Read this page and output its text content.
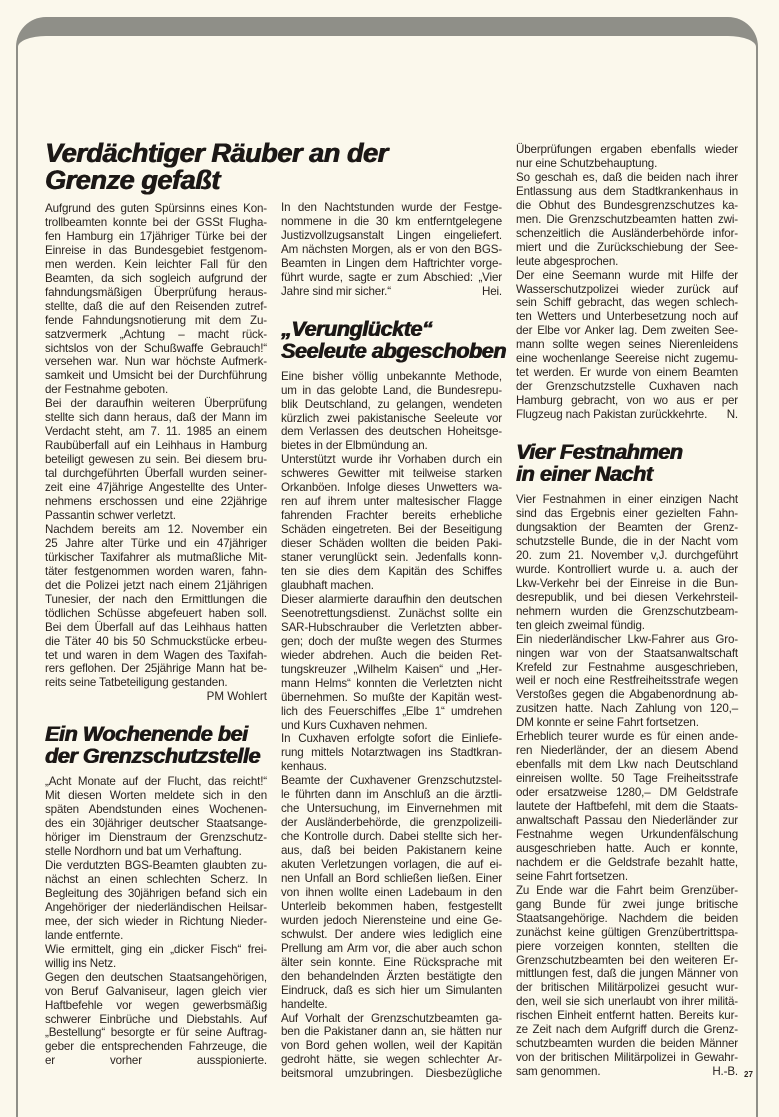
Verdächtiger Räuber an der
Grenze gefaßt
Aufgrund des guten Spürsinns eines Kon-
trollbeamten konnte bei der GSSt Flugha-
fen Hamburg ein 17jähriger Türke bei der
Einreise in das Bundesgebiet festgenom-
men werden. Kein leichter Fall für den
Beamten, da sich sogleich aufgrund der
fahndungsmäßigen Überprüfung heraus-
stellte, daß die auf den Reisenden zutref-
fende Fahndungsnotierung mit dem Zu-
satzvermerk „Achtung – macht rück-
sichtslos von der Schußwaffe Gebrauch!“
versehen war. Nun war höchste Aufmerk-
samkeit und Umsicht bei der Durchführung
der Festnahme geboten.
Bei der daraufhin weiteren Überprüfung
stellte sich dann heraus, daß der Mann im
Verdacht steht, am 7. 11. 1985 an einem
Raubüberfall auf ein Leihhaus in Hamburg
beteiligt gewesen zu sein. Bei diesem bru-
tal durchgeführten Überfall wurden seiner-
zeit eine 47jährige Angestellte des Unter-
nehmens erschossen und eine 22jährige
Passantin schwer verletzt.
Nachdem bereits am 12. November ein
25 Jahre alter Türke und ein 47jähriger
türkischer Taxifahrer als mutmaßliche Mit-
täter festgenommen worden waren, fahn-
det die Polizei jetzt nach einem 21jährigen
Tunesier, der nach den Ermittlungen die
tödlichen Schüsse abgefeuert haben soll.
Bei dem Überfall auf das Leihhaus hatten
die Täter 40 bis 50 Schmuckstücke erbeu-
tet und waren in dem Wagen des Taxifah-
rers geflohen. Der 25jährige Mann hat be-
reits seine Tatbeteiligung gestanden.
PM Wohlert
Ein Wochenende bei
der Grenzschutzstelle
„Acht Monate auf der Flucht, das reicht!“
Mit diesen Worten meldete sich in den
späten Abendstunden eines Wochenen-
des ein 30jähriger deutscher Staatsange-
höriger im Dienstraum der Grenzschutz-
stelle Nordhorn und bat um Verhaftung.
Die verdutzten BGS-Beamten glaubten zu-
nächst an einen schlechten Scherz. In
Begleitung des 30jährigen befand sich ein
Angehöriger der niederländischen Heilsar-
mee, der sich wieder in Richtung Nieder-
lande entfernte.
Wie ermittelt, ging ein „dicker Fisch“ frei-
willig ins Netz.
Gegen den deutschen Staatsangehörigen,
von Beruf Galvaniseur, lagen gleich vier
Haftbefehle vor wegen gewerbsmäßig
schwerer Einbrüche und Diebstahls. Auf
„Bestellung“ besorgte er für seine Auftrag-
geber die entsprechenden Fahrzeuge, die
er vorher ausspionierte.
In den Nachtstunden wurde der Festge-
nommene in die 30 km entferntgelegene
Justizvollzugsanstalt Lingen eingeliefert.
Am nächsten Morgen, als er von den BGS-
Beamten in Lingen dem Haftrichter vorge-
führt wurde, sagte er zum Abschied: „Vier
Hei.
Jahre sind mir sicher.“
„Verunglückte“
Seeleute abgeschoben
Eine bisher völlig unbekannte Methode,
um in das gelobte Land, die Bundesrepu-
blik Deutschland, zu gelangen, wendeten
kürzlich zwei pakistanische Seeleute vor
dem Verlassen des deutschen Hoheitsge-
bietes in der Elbmündung an.
Unterstützt wurde ihr Vorhaben durch ein
schweres Gewitter mit teilweise starken
Orkanböen. Infolge dieses Unwetters wa-
ren auf ihrem unter maltesischer Flagge
fahrenden Frachter bereits erhebliche
Schäden eingetreten. Bei der Beseitigung
dieser Schäden wollten die beiden Paki-
staner verunglückt sein. Jedenfalls konn-
ten sie dies dem Kapitän des Schiffes
glaubhaft machen.
Dieser alarmierte daraufhin den deutschen
Seenotrettungsdienst. Zunächst sollte ein
SAR-Hubschrauber die Verletzten abber-
gen; doch der mußte wegen des Sturmes
wieder abdrehen. Auch die beiden Ret-
tungskreuzer „Wilhelm Kaisen“ und „Her-
mann Helms“ konnten die Verletzten nicht
übernehmen. So mußte der Kapitän west-
lich des Feuerschiffes „Elbe 1“ umdrehen
und Kurs Cuxhaven nehmen.
In Cuxhaven erfolgte sofort die Einliefe-
rung mittels Notarztwagen ins Stadtkran-
kenhaus.
Beamte der Cuxhavener Grenzschutzstel-
le führten dann im Anschluß an die ärztli-
che Untersuchung, im Einvernehmen mit
der Ausländerbehörde, die grenzpolizeili-
che Kontrolle durch. Dabei stellte sich her-
aus, daß bei beiden Pakistanern keine
akuten Verletzungen vorlagen, die auf ei-
nen Unfall an Bord schließen ließen. Einer
von ihnen wollte einen Ladebaum in den
Unterleib bekommen haben, festgestellt
wurden jedoch Nierensteine und eine Ge-
schwulst. Der andere wies lediglich eine
Prellung am Arm vor, die aber auch schon
älter sein konnte. Eine Rücksprache mit
den behandelnden Ärzten bestätigte den
Eindruck, daß es sich hier um Simulanten
handelte.
Auf Vorhalt der Grenzschutzbeamten ga-
ben die Pakistaner dann an, sie hätten nur
von Bord gehen wollen, weil der Kapitän
gedroht hätte, sie wegen schlechter Ar-
beitsmoral umzubringen. Diesbezügliche
Überprüfungen ergaben ebenfalls wieder
nur eine Schutzbehauptung.
So geschah es, daß die beiden nach ihrer
Entlassung aus dem Stadtkrankenhaus in
die Obhut des Bundesgrenzschutzes ka-
men. Die Grenzschutzbeamten hatten zwi-
schenzeitlich die Ausländerbehörde infor-
miert und die Zurückschiebung der See-
leute abgesprochen.
Der eine Seemann wurde mit Hilfe der
Wasserschutzpolizei wieder zurück auf
sein Schiff gebracht, das wegen schlech-
ten Wetters und Unterbesetzung noch auf
der Elbe vor Anker lag. Dem zweiten See-
mann sollte wegen seines Nierenleidens
eine wochenlange Seereise nicht zugemu-
tet werden. Er wurde von einem Beamten
der Grenzschutzstelle Cuxhaven nach
Hamburg gebracht, von wo aus er per
N.
Flugzeug nach Pakistan zurückkehrte.
Vier Festnahmen
in einer Nacht
Vier Festnahmen in einer einzigen Nacht
sind das Ergebnis einer gezielten Fahn-
dungsaktion der Beamten der Grenz-
schutzstelle Bunde, die in der Nacht vom
20. zum 21. November v,J. durchgeführt
wurde. Kontrolliert wurde u. a. auch der
Lkw-Verkehr bei der Einreise in die Bun-
desrepublik, und bei diesen Verkehrsteil-
nehmern wurden die Grenzschutzbeam-
ten gleich zweimal fündig.
Ein niederländischer Lkw-Fahrer aus Gro-
ningen war von der Staatsanwaltschaft
Krefeld zur Festnahme ausgeschrieben,
weil er noch eine Restfreiheitsstrafe wegen
Verstoßes gegen die Abgabenordnung ab-
zusitzen hatte. Nach Zahlung von 120,–
DM konnte er seine Fahrt fortsetzen.
Erheblich teurer wurde es für einen ande-
ren Niederländer, der an diesem Abend
ebenfalls mit dem Lkw nach Deutschland
einreisen wollte. 50 Tage Freiheitsstrafe
oder ersatzweise 1280,– DM Geldstrafe
lautete der Haftbefehl, mit dem die Staats-
anwaltschaft Passau den Niederländer zur
Festnahme wegen Urkundenfälschung
ausgeschrieben hatte. Auch er konnte,
nachdem er die Geldstrafe bezahlt hatte,
seine Fahrt fortsetzen.
Zu Ende war die Fahrt beim Grenzüber-
gang Bunde für zwei junge britische
Staatsangehörige. Nachdem die beiden
zunächst keine gültigen Grenzübertrittspa-
piere vorzeigen konnten, stellten die
Grenzschutzbeamten bei den weiteren Er-
mittlungen fest, daß die jungen Männer von
der britischen Militärpolizei gesucht wur-
den, weil sie sich unerlaubt von ihrer militä-
rischen Einheit entfernt hatten. Bereits kur-
ze Zeit nach dem Aufgriff durch die Grenz-
schutzbeamten wurden die beiden Männer
von der britischen Militärpolizei in Gewahr-
H.-B.
sam genommen.	27
